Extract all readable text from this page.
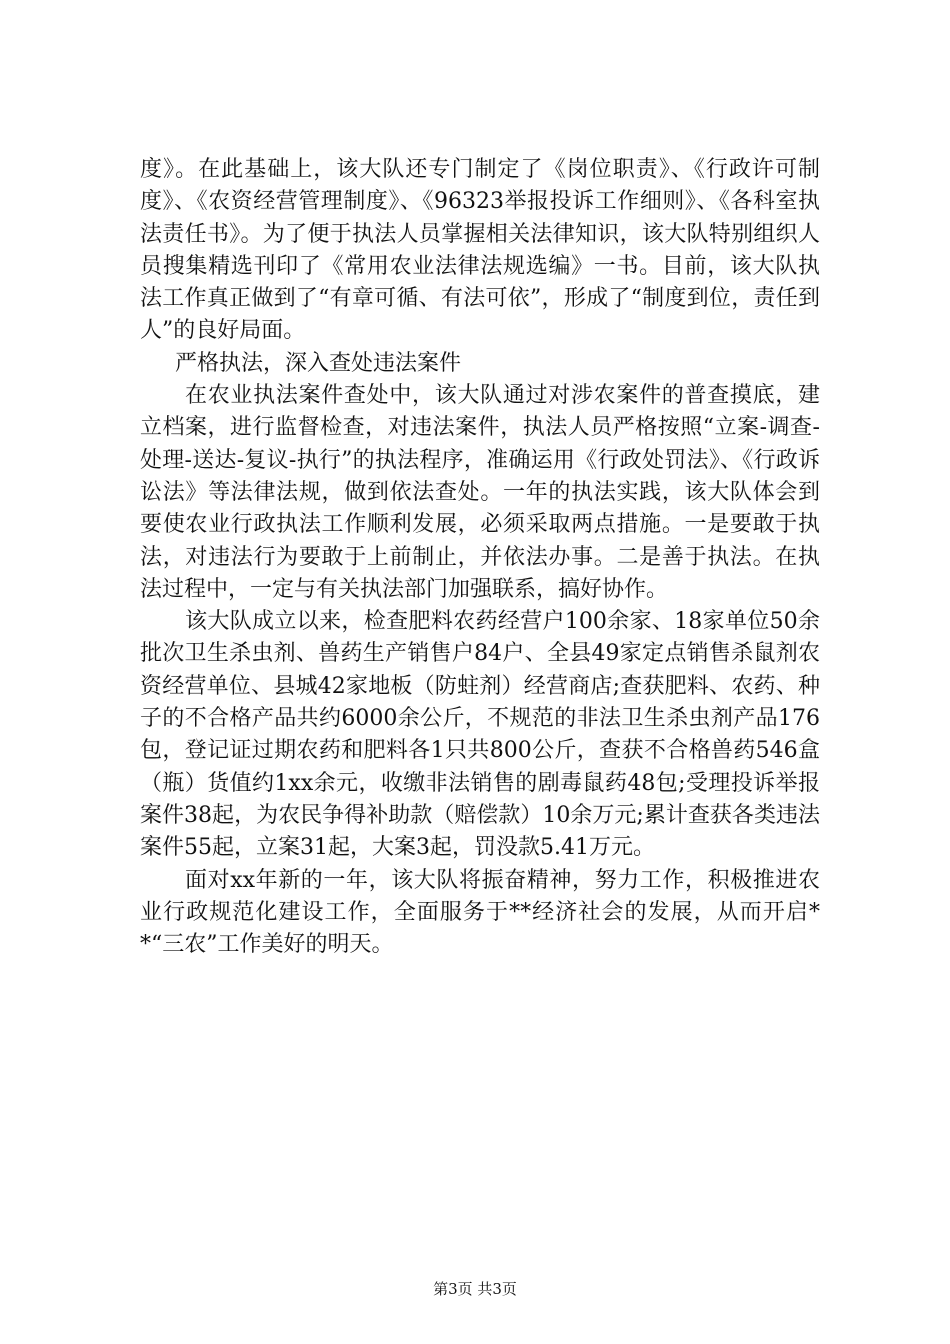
度》。在此基础上，该大队还专门制定了《岗位职责》、《行政许可制度》、《农资经营管理制度》、《96323举报投诉工作细则》、《各科室执法责任书》。为了便于执法人员掌握相关法律知识，该大队特别组织人员搜集精选刊印了《常用农业法律法规选编》一书。目前，该大队执法工作真正做到了“有章可循、有法可依”，形成了“制度到位，责任到人”的良好局面。

严格执法，深入查处违法案件

在农业执法案件查处中，该大队通过对涉农案件的普查摸底，建立档案，进行监督检查，对违法案件，执法人员严格按照“立案-调查-处理-送达-复议-执行”的执法程序，准确运用《行政处罚法》、《行政诉讼法》等法律法规，做到依法查处。一年的执法实践，该大队体会到要使农业行政执法工作顺利发展，必须采取两点措施。一是要敢于执法，对违法行为要敢于上前制止，并依法办事。二是善于执法。在执法过程中，一定与有关执法部门加强联系，搞好协作。

该大队成立以来，检查肥料农药经营户100余家、18家单位50余批次卫生杀虫剂、兽药生产销售户84户、全县49家定点销售杀鼠剂农资经营单位、县城42家地板（防蛀剂）经营商店;查获肥料、农药、种子的不合格产品共约6000余公斤，不规范的非法卫生杀虫剂产品176包，登记证过期农药和肥料各1只共800公斤，查获不合格兽药546盒（瓶）货值约1xx余元，收缴非法销售的剧毒鼠药48包;受理投诉举报案件38起，为农民争得补助款（赔偿款）10余万元;累计查获各类违法案件55起，立案31起，大案3起，罚没款5.41万元。

面对xx年新的一年，该大队将振奋精神，努力工作，积极推进农业行政规范化建设工作，全面服务于**经济社会的发展，从而开启**“三农”工作美好的明天。

第3页 共3页
